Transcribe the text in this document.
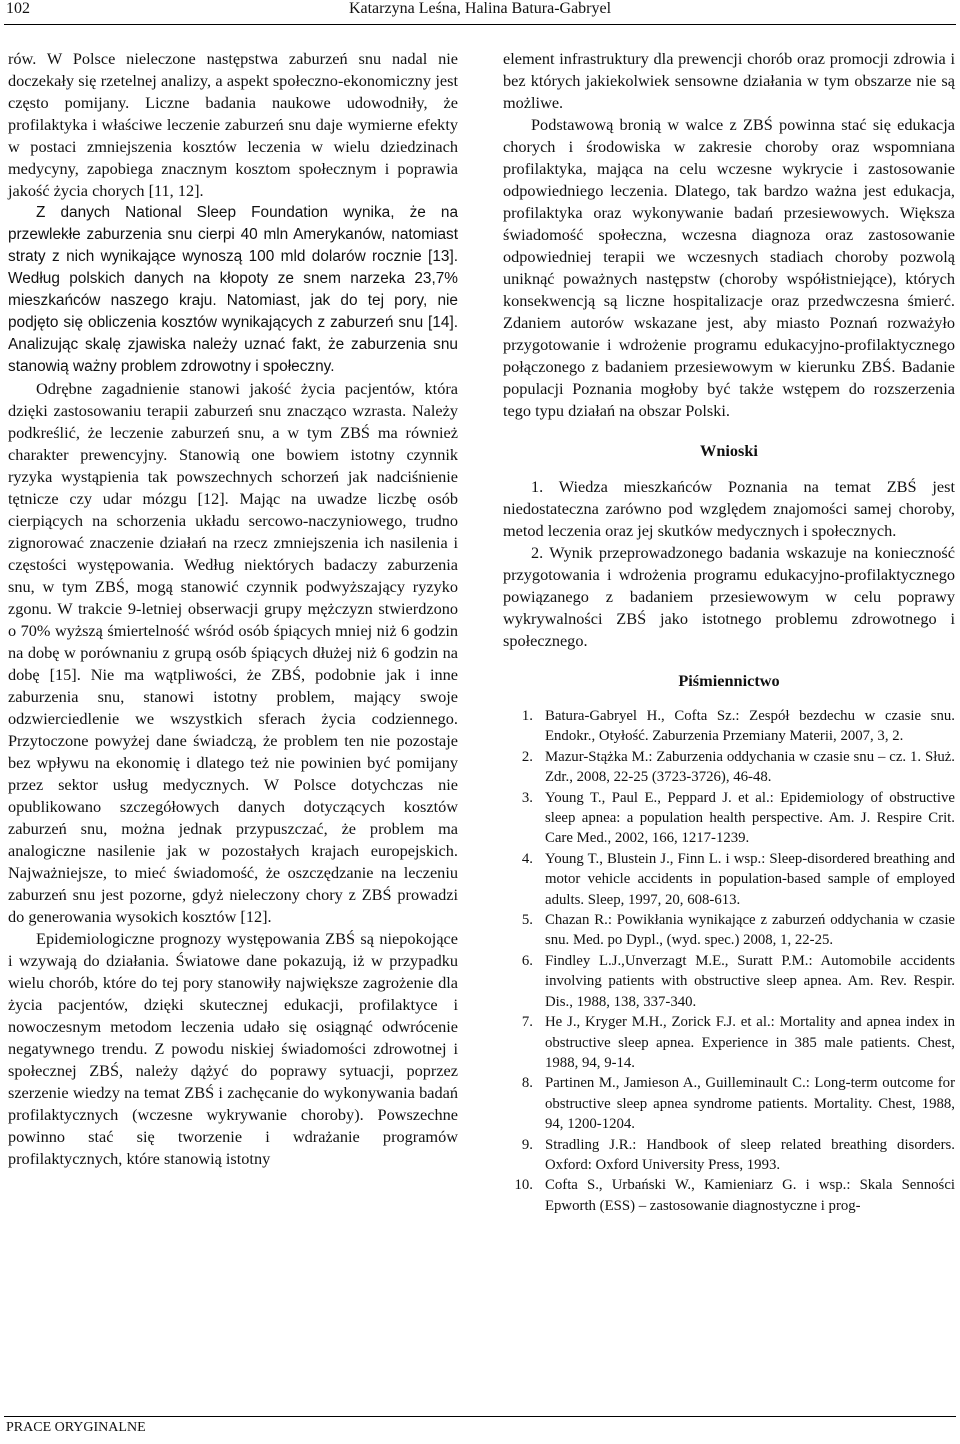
102	Katarzyna Leśna, Halina Batura-Gabryel

rów. W Polsce nieleczone następstwa zaburzeń snu nadal nie doczekały się rzetelnej analizy, a aspekt społeczno-ekonomiczny jest często pomijany. Liczne badania naukowe udowodniły, że profilaktyka i właściwe leczenie zaburzeń snu daje wymierne efekty w postaci zmniejszenia kosztów leczenia w wielu dziedzinach medycyny, zapobiega znacznym kosztom społecznym i poprawia jakość życia chorych [11, 12].

Z danych National Sleep Foundation wynika, że na przewlekłe zaburzenia snu cierpi 40 mln Amerykanów, natomiast straty z nich wynikające wynoszą 100 mld dolarów rocznie [13]. Według polskich danych na kłopoty ze snem narzeka 23,7% mieszkańców naszego kraju. Natomiast, jak do tej pory, nie podjęto się obliczenia kosztów wynikających z zaburzeń snu [14]. Analizując skalę zjawiska należy uznać fakt, że zaburzenia snu stanowią ważny problem zdrowotny i społeczny.

Odrębne zagadnienie stanowi jakość życia pacjentów, która dzięki zastosowaniu terapii zaburzeń snu znacząco wzrasta. Należy podkreślić, że leczenie zaburzeń snu, a w tym ZBŚ ma również charakter prewencyjny. Stanowią one bowiem istotny czynnik ryzyka wystąpienia tak powszechnych schorzeń jak nadciśnienie tętnicze czy udar mózgu [12]. Mając na uwadze liczbę osób cierpiących na schorzenia układu sercowo-naczyniowego, trudno zignorować znaczenie działań na rzecz zmniejszenia ich nasilenia i częstości występowania. Według niektórych badaczy zaburzenia snu, w tym ZBŚ, mogą stanowić czynnik podwyższający ryzyko zgonu. W trakcie 9-letniej obserwacji grupy mężczyzn stwierdzono o 70% wyższą śmiertelność wśród osób śpiących mniej niż 6 godzin na dobę w porównaniu z grupą osób śpiących dłużej niż 6 godzin na dobę [15]. Nie ma wątpliwości, że ZBŚ, podobnie jak i inne zaburzenia snu, stanowi istotny problem, mający swoje odzwierciedlenie we wszystkich sferach życia codziennego. Przytoczone powyżej dane świadczą, że problem ten nie pozostaje bez wpływu na ekonomię i dlatego też nie powinien być pomijany przez sektor usług medycznych. W Polsce dotychczas nie opublikowano szczegółowych danych dotyczących kosztów zaburzeń snu, można jednak przypuszczać, że problem ma analogiczne nasilenie jak w pozostałych krajach europejskich. Najważniejsze, to mieć świadomość, że oszczędzanie na leczeniu zaburzeń snu jest pozorne, gdyż nieleczony chory z ZBŚ prowadzi do generowania wysokich kosztów [12].

Epidemiologiczne prognozy występowania ZBŚ są niepokojące i wzywają do działania. Światowe dane pokazują, iż w przypadku wielu chorób, które do tej pory stanowiły największe zagrożenie dla życia pacjentów, dzięki skutecznej edukacji, profilaktyce i nowoczesnym metodom leczenia udało się osiągnąć odwrócenie negatywnego trendu. Z powodu niskiej świadomości zdrowotnej i społecznej ZBŚ, należy dążyć do poprawy sytuacji, poprzez szerzenie wiedzy na temat ZBŚ i zachęcanie do wykonywania badań profilaktycznych (wczesne wykrywanie choroby). Powszechne powinno stać się tworzenie i wdrażanie programów profilaktycznych, które stanowią istotny

element infrastruktury dla prewencji chorób oraz promocji zdrowia i bez których jakiekolwiek sensowne działania w tym obszarze nie są możliwe.

Podstawową bronią w walce z ZBŚ powinna stać się edukacja chorych i środowiska w zakresie choroby oraz wspomniana profilaktyka, mająca na celu wczesne wykrycie i zastosowanie odpowiedniego leczenia. Dlatego, tak bardzo ważna jest edukacja, profilaktyka oraz wykonywanie badań przesiewowych. Większa świadomość społeczna, wczesna diagnoza oraz zastosowanie odpowiedniej terapii we wczesnych stadiach choroby pozwolą uniknąć poważnych następstw (choroby współistniejące), których konsekwencją są liczne hospitalizacje oraz przedwczesna śmierć. Zdaniem autorów wskazane jest, aby miasto Poznań rozważyło przygotowanie i wdrożenie programu edukacyjno-profilaktycznego połączonego z badaniem przesiewowym w kierunku ZBŚ. Badanie populacji Poznania mogłoby być także wstępem do rozszerzenia tego typu działań na obszar Polski.

Wnioski

1. Wiedza mieszkańców Poznania na temat ZBŚ jest niedostateczna zarówno pod względem znajomości samej choroby, metod leczenia oraz jej skutków medycznych i społecznych.

2. Wynik przeprowadzonego badania wskazuje na konieczność przygotowania i wdrożenia programu edukacyjno-profilaktycznego powiązanego z badaniem przesiewowym w celu poprawy wykrywalności ZBŚ jako istotnego problemu zdrowotnego i społecznego.

Piśmiennictwo

1. Batura-Gabryel H., Cofta Sz.: Zespół bezdechu w czasie snu. Endokr., Otyłość. Zaburzenia Przemiany Materii, 2007, 3, 2.
2. Mazur-Stążka M.: Zaburzenia oddychania w czasie snu – cz. 1. Służ. Zdr., 2008, 22-25 (3723-3726), 46-48.
3. Young T., Paul E., Peppard J. et al.: Epidemiology of obstructive sleep apnea: a population health perspective. Am. J. Respire Crit. Care Med., 2002, 166, 1217-1239.
4. Young T., Blustein J., Finn L. i wsp.: Sleep-disordered breathing and motor vehicle accidents in population-based sample of employed adults. Sleep, 1997, 20, 608-613.
5. Chazan R.: Powikłania wynikające z zaburzeń oddychania w czasie snu. Med. po Dypl., (wyd. spec.) 2008, 1, 22-25.
6. Findley L.J.,Unverzagt M.E., Suratt P.M.: Automobile accidents involving patients with obstructive sleep apnea. Am. Rev. Respir. Dis., 1988, 138, 337-340.
7. He J., Kryger M.H., Zorick F.J. et al.: Mortality and apnea index in obstructive sleep apnea. Experience in 385 male patients. Chest, 1988, 94, 9-14.
8. Partinen M., Jamieson A., Guilleminault C.: Long-term outcome for obstructive sleep apnea syndrome patients. Mortality. Chest, 1988, 94, 1200-1204.
9. Stradling J.R.: Handbook of sleep related breathing disorders. Oxford: Oxford University Press, 1993.
10. Cofta S., Urbański W., Kamieniarz G. i wsp.: Skala Senności Epworth (ESS) – zastosowanie diagnostyczne i prog-
PRACE ORYGINALNE
